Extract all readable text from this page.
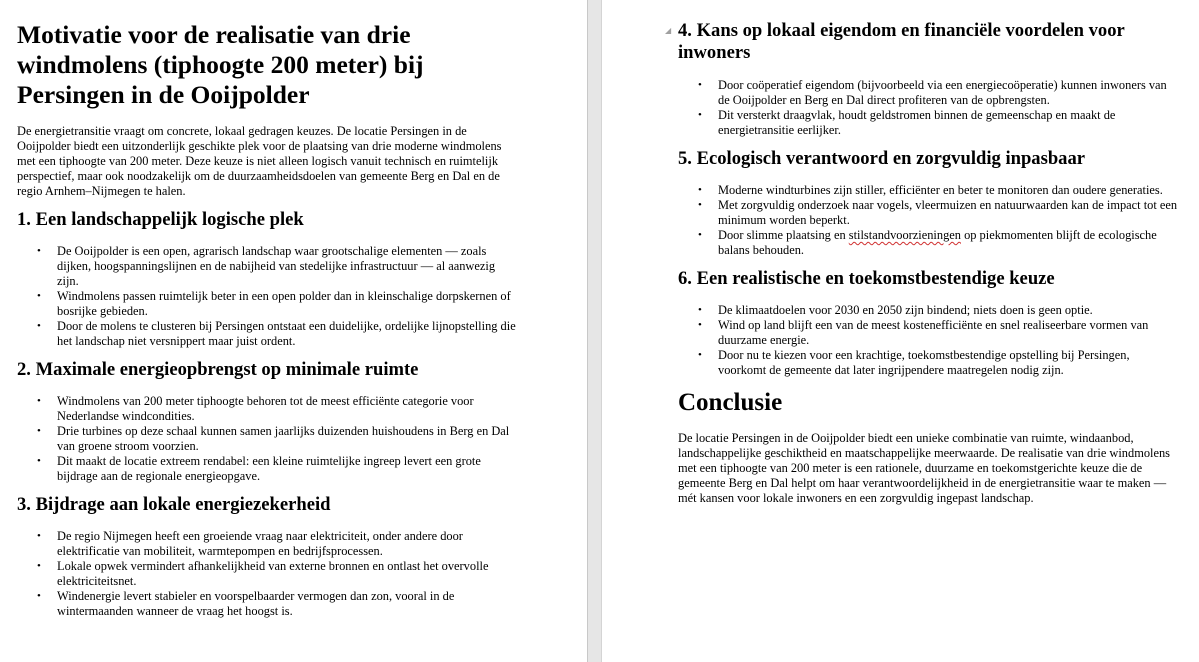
Motivatie voor de realisatie van drie windmolens (tiphoogte 200 meter) bij Persingen in de Ooijpolder

De energietransitie vraagt om concrete, lokaal gedragen keuzes. De locatie Persingen in de Ooijpolder biedt een uitzonderlijk geschikte plek voor de plaatsing van drie moderne windmolens met een tiphoogte van 200 meter. Deze keuze is niet alleen logisch vanuit technisch en ruimtelijk perspectief, maar ook noodzakelijk om de duurzaamheidsdoelen van gemeente Berg en Dal en de regio Arnhem–Nijmegen te halen.

1. Een landschappelijk logische plek
• De Ooijpolder is een open, agrarisch landschap waar grootschalige elementen — zoals dijken, hoogspanningslijnen en de nabijheid van stedelijke infrastructuur — al aanwezig zijn.
• Windmolens passen ruimtelijk beter in een open polder dan in kleinschalige dorpskernen of bosrijke gebieden.
• Door de molens te clusteren bij Persingen ontstaat een duidelijke, ordelijke lijnopstelling die het landschap niet versnippert maar juist ordent.
2. Maximale energieopbrengst op minimale ruimte
• Windmolens van 200 meter tiphoogte behoren tot de meest efficiënte categorie voor Nederlandse windcondities.
• Drie turbines op deze schaal kunnen samen jaarlijks duizenden huishoudens in Berg en Dal van groene stroom voorzien.
• Dit maakt de locatie extreem rendabel: een kleine ruimtelijke ingreep levert een grote bijdrage aan de regionale energieopgave.
3. Bijdrage aan lokale energiezekerheid
• De regio Nijmegen heeft een groeiende vraag naar elektriciteit, onder andere door elektrificatie van mobiliteit, warmtepompen en bedrijfsprocessen.
• Lokale opwek vermindert afhankelijkheid van externe bronnen en ontlast het overvolle elektriciteitsnet.
• Windenergie levert stabieler en voorspelbaarder vermogen dan zon, vooral in de wintermaanden wanneer de vraag het hoogst is.
◢ 4. Kans op lokaal eigendom en financiële voordelen voor inwoners
• Door coöperatief eigendom (bijvoorbeeld via een energiecoöperatie) kunnen inwoners van de Ooijpolder en Berg en Dal direct profiteren van de opbrengsten.
• Dit versterkt draagvlak, houdt geldstromen binnen de gemeenschap en maakt de energietransitie eerlijker.
5. Ecologisch verantwoord en zorgvuldig inpasbaar
• Moderne windturbines zijn stiller, efficiënter en beter te monitoren dan oudere generaties.
• Met zorgvuldig onderzoek naar vogels, vleermuizen en natuurwaarden kan de impact tot een minimum worden beperkt.
• Door slimme plaatsing en stilstandvoorzieningen op piekmomenten blijft de ecologische balans behouden.
6. Een realistische en toekomstbestendige keuze
• De klimaatdoelen voor 2030 en 2050 zijn bindend; niets doen is geen optie.
• Wind op land blijft een van de meest kostenefficiënte en snel realiseerbare vormen van duurzame energie.
• Door nu te kiezen voor een krachtige, toekomstbestendige opstelling bij Persingen, voorkomt de gemeente dat later ingrijpendere maatregelen nodig zijn.
Conclusie

De locatie Persingen in de Ooijpolder biedt een unieke combinatie van ruimte, windaanbod, landschappelijke geschiktheid en maatschappelijke meerwaarde. De realisatie van drie windmolens met een tiphoogte van 200 meter is een rationele, duurzame en toekomstgerichte keuze die de gemeente Berg en Dal helpt om haar verantwoordelijkheid in de energietransitie waar te maken — mét kansen voor lokale inwoners en een zorgvuldig ingepast landschap.
